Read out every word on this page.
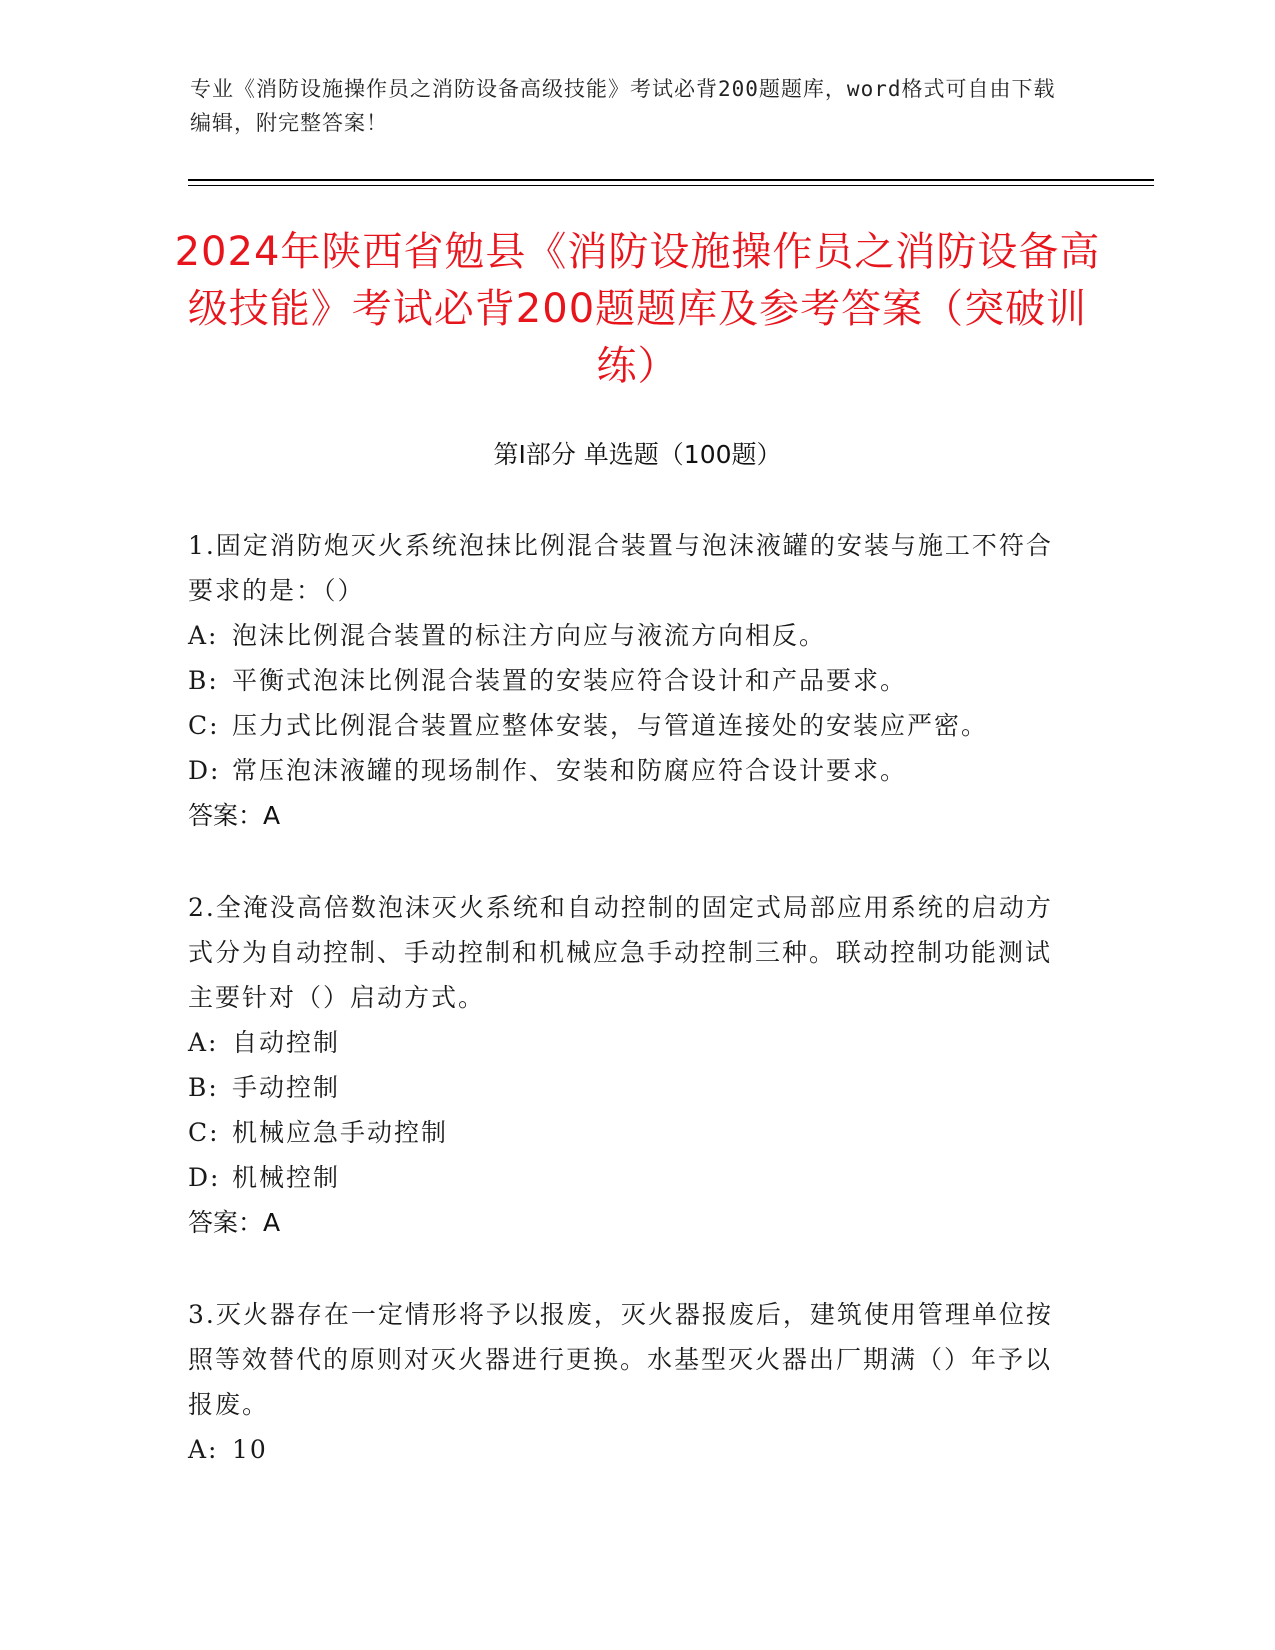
专业《消防设施操作员之消防设备高级技能》考试必背200题题库，word格式可自由下载编辑，附完整答案！
2024年陕西省勉县《消防设施操作员之消防设备高级技能》考试必背200题题库及参考答案（突破训练）
第Ⅰ部分 单选题（100题）
1.固定消防炮灭火系统泡抹比例混合装置与泡沫液罐的安装与施工不符合要求的是：（）
A: 泡沫比例混合装置的标注方向应与液流方向相反。
B: 平衡式泡沫比例混合装置的安装应符合设计和产品要求。
C: 压力式比例混合装置应整体安装，与管道连接处的安装应严密。
D: 常压泡沫液罐的现场制作、安装和防腐应符合设计要求。
答案：A
2.全淹没高倍数泡沫灭火系统和自动控制的固定式局部应用系统的启动方式分为自动控制、手动控制和机械应急手动控制三种。联动控制功能测试主要针对（）启动方式。
A: 自动控制
B: 手动控制
C: 机械应急手动控制
D: 机械控制
答案：A
3.灭火器存在一定情形将予以报废，灭火器报废后，建筑使用管理单位按照等效替代的原则对灭火器进行更换。水基型灭火器出厂期满（）年予以报废。
A: 10
